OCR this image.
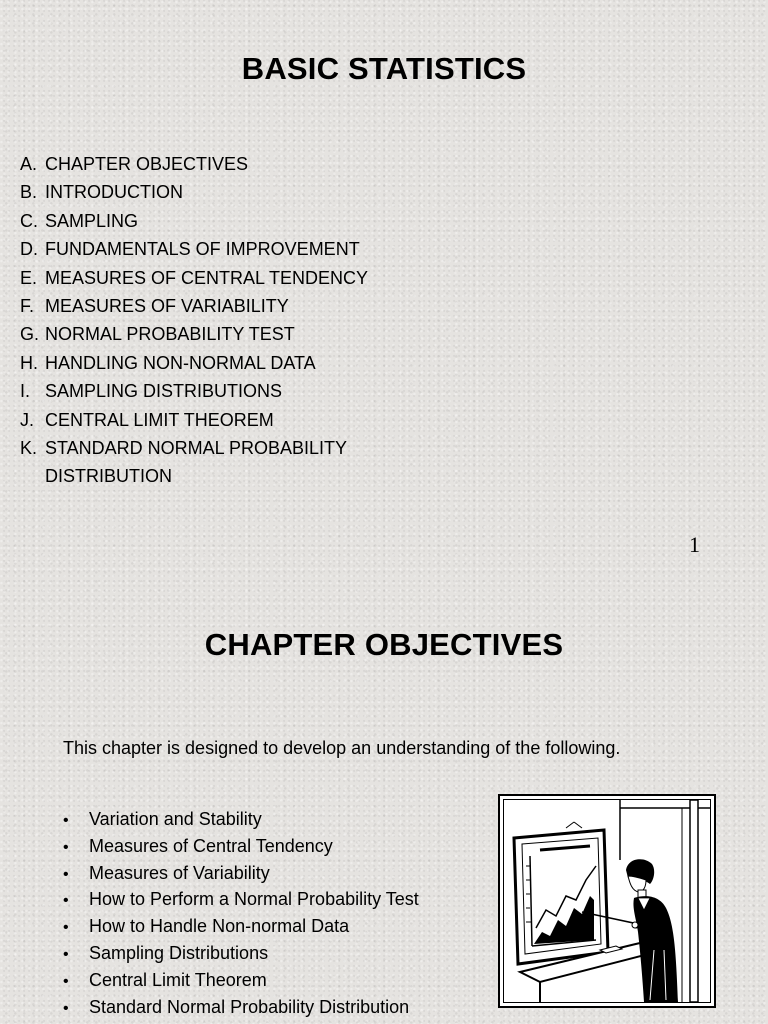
BASIC STATISTICS
A. CHAPTER OBJECTIVES
B. INTRODUCTION
C. SAMPLING
D. FUNDAMENTALS OF IMPROVEMENT
E. MEASURES OF CENTRAL TENDENCY
F. MEASURES OF VARIABILITY
G. NORMAL PROBABILITY TEST
H. HANDLING NON-NORMAL DATA
I. SAMPLING DISTRIBUTIONS
J. CENTRAL LIMIT THEOREM
K. STANDARD NORMAL PROBABILITY DISTRIBUTION
1
CHAPTER OBJECTIVES

This chapter is designed to develop an understanding of the following.

•	Variation and Stability
•	Measures of Central Tendency
•	Measures of Variability
•	How to Perform a Normal Probability Test
•	How to Handle Non-normal Data
•	Sampling Distributions
•	Central Limit Theorem
•	Standard Normal Probability Distribution
